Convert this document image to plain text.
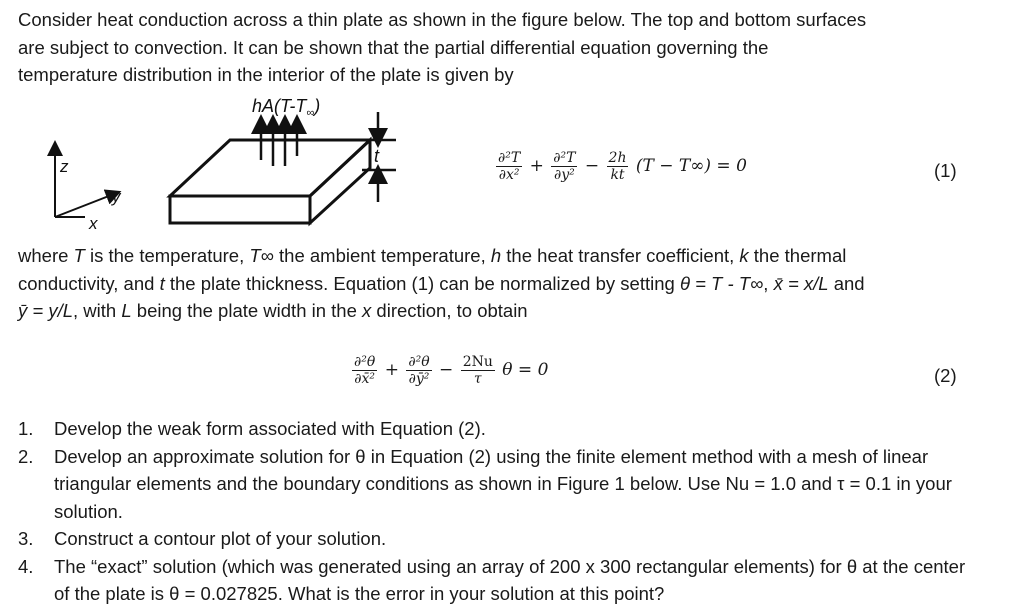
Consider heat conduction across a thin plate as shown in the figure below. The top and bottom surfaces
are subject to convection. It can be shown that the partial differential equation governing the
temperature distribution in the interior of the plate is given by
$hA(T-T_\infty)$
t
z
y
x
$\frac{\text{∂²T}}{\text{∂x²}} + \frac{\text{∂²T}}{\text{∂y²}} - \frac{2h}{kt} (T - T\infty) = 0$	(1)
where T is the temperature, T∞ the ambient temperature, h the heat transfer coefficient, k the thermal
conductivity, and t the plate thickness. Equation (1) can be normalized by setting θ = T - T∞, x̄ = x/L and
ȳ = y/L, with L being the plate width in the x direction, to obtain
$\frac{\text{∂²θ}}{\text{∂x̄²}} + \frac{\text{∂²θ}}{\text{∂ȳ²}} - \frac{2Nu}{\tau}$ θ = 0	(2)
1. Develop the weak form associated with Equation (2).
2. Develop an approximate solution for θ in Equation (2) using the finite element method with a mesh of linear triangular elements and the boundary conditions as shown in Figure 1 below. Use Nu = 1.0 and τ = 0.1 in your solution.
3. Construct a contour plot of your solution.
4. The “exact” solution (which was generated using an array of 200 x 300 rectangular elements) for θ at the center of the plate is θ = 0.027825. What is the error in your solution at this point?
